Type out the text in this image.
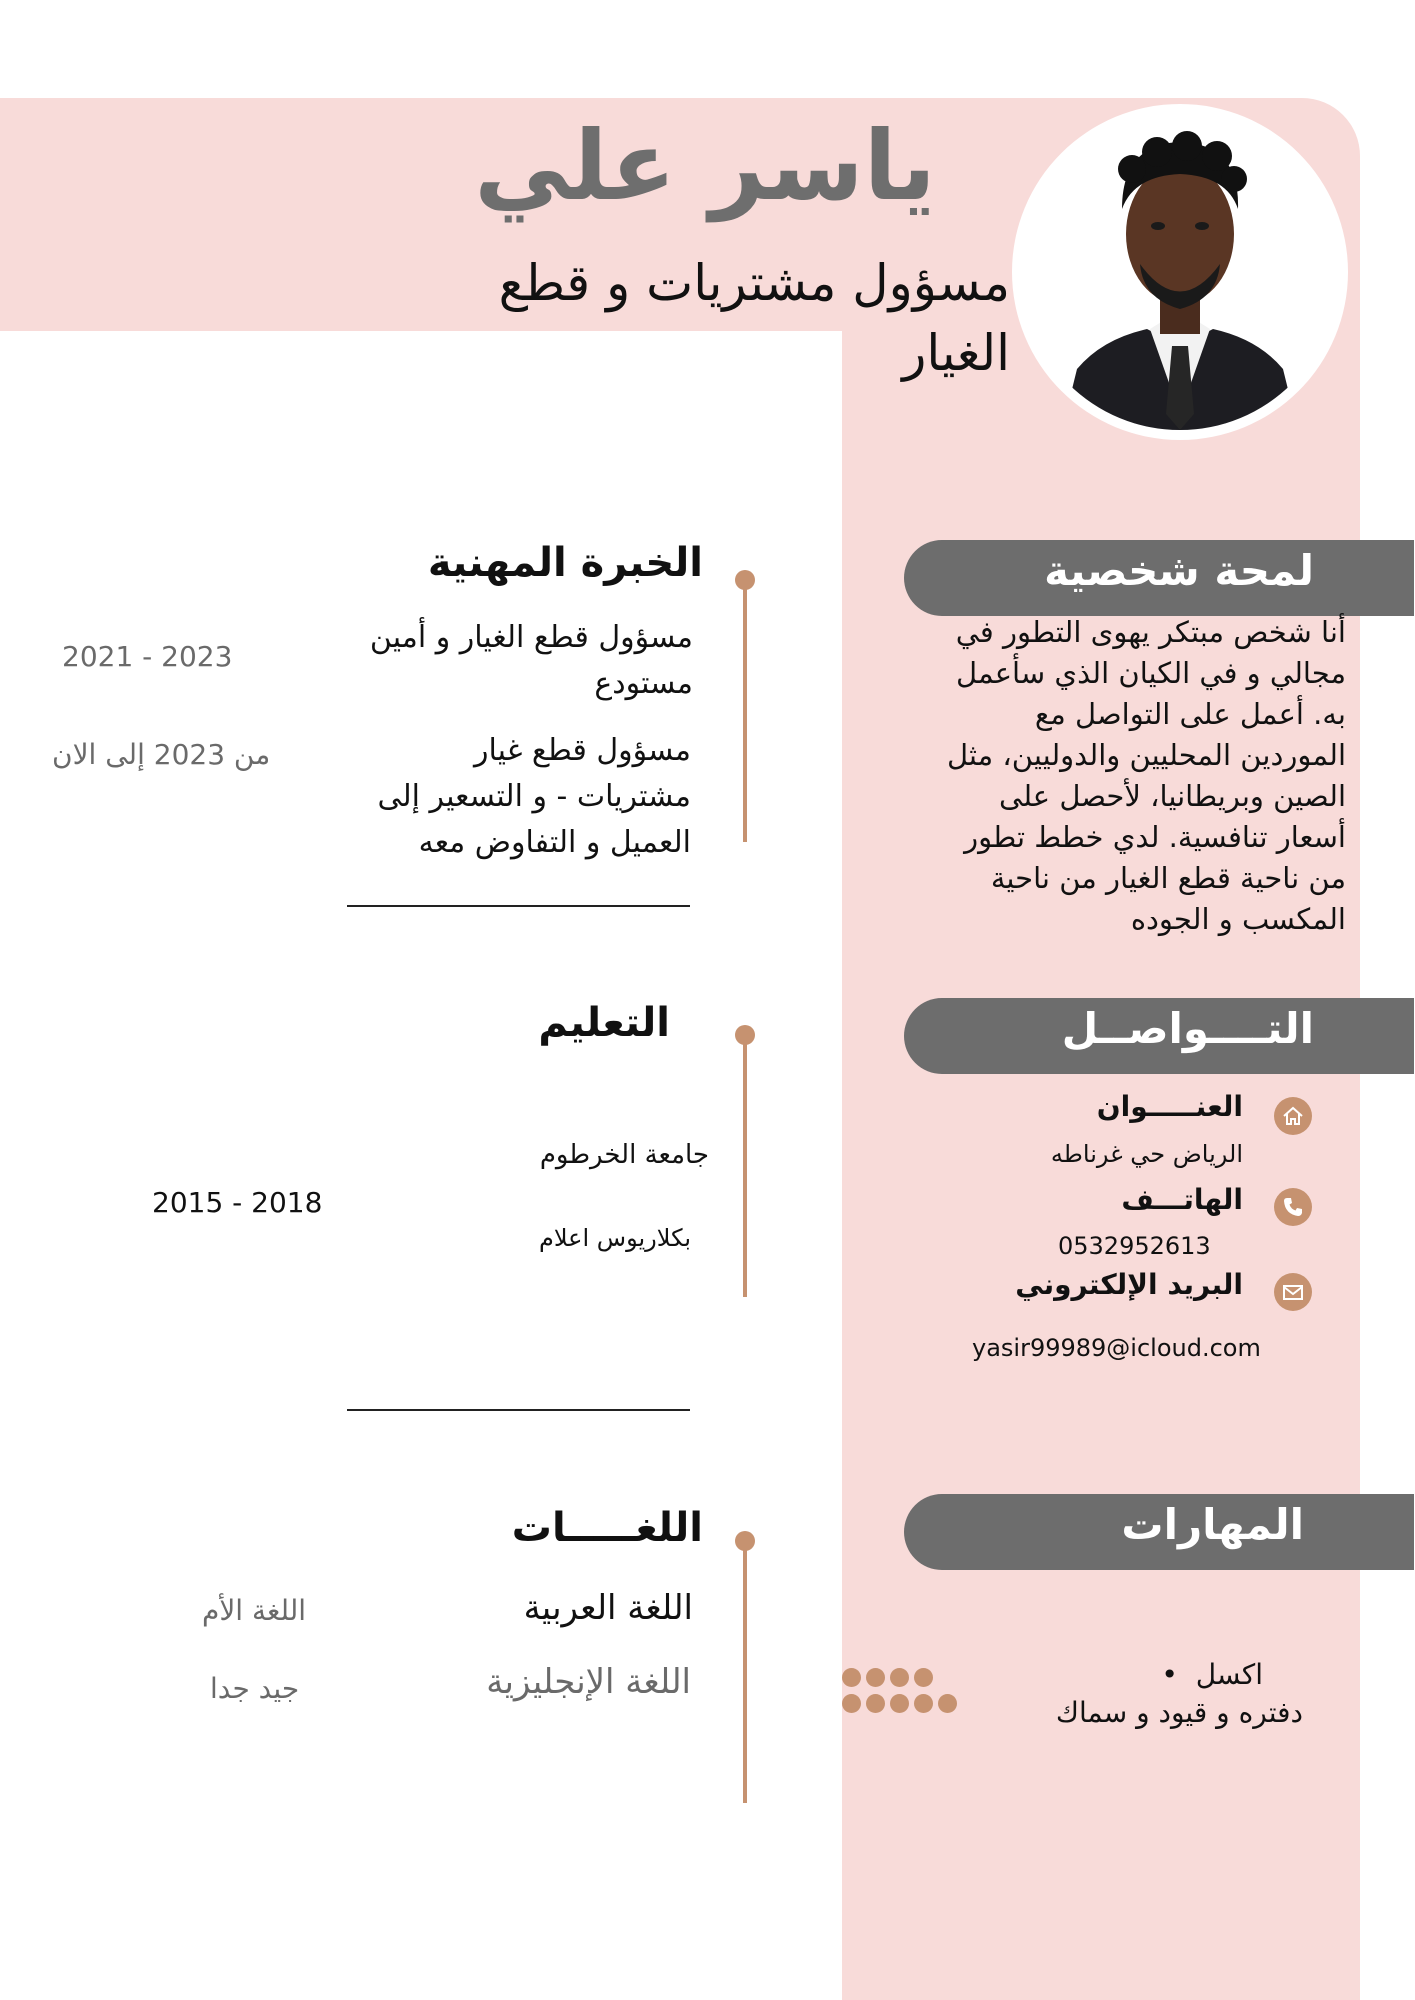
ياسر علي
مسؤول مشتريات و قطع الغيار
لمحة شخصية
أنا شخص مبتكر يهوى التطور في مجالي و في الكيان الذي سأعمل به. أعمل على التواصل مع الموردين المحليين والدوليين، مثل الصين وبريطانيا، لأحصل على أسعار تنافسية. لدي خطط تطور من ناحية قطع الغيار من ناحية المكسب و الجوده
التــــواصــل
العنـــــوان
الرياض حي غرناطه
الهاتـــف
0532952613
البريد الإلكتروني
yasir99989@icloud.com
المهارات
اكسل  •
دفتره و قيود و سماك
الخبرة المهنية
مسؤول قطع الغيار و أمين مستودع
2021 - 2023
مسؤول قطع غيار مشتريات - و التسعير إلى العميل و التفاوض معه
من 2023 إلى الان
التعليم
جامعة الخرطوم
بكلاريوس اعلام
2015 - 2018
اللغـــــات
اللغة العربية
اللغة الأم
اللغة الإنجليزية
جيد جدا
